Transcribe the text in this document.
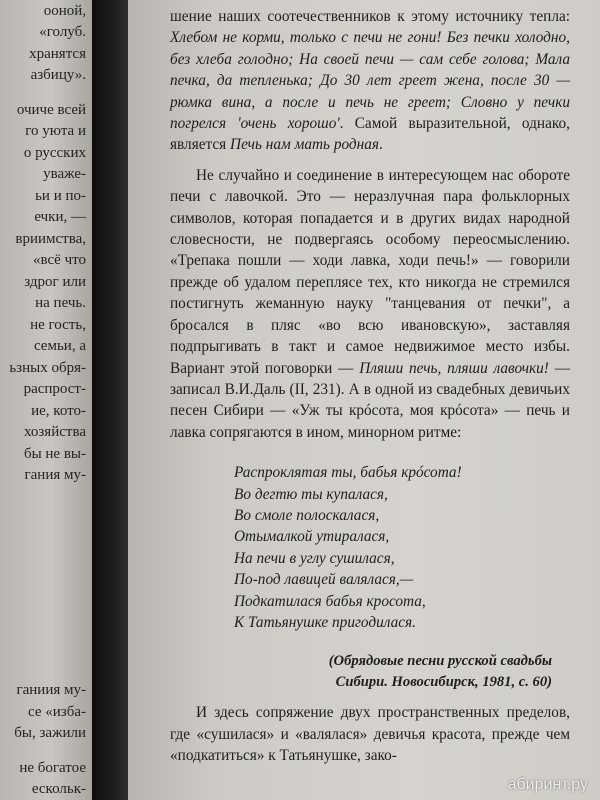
ооной,
«голуб.
хранятся
азбицу».
очиче всей
го уюта и
о русских
уваже-
ьи и по-
ечки, —
вриимства,
«всё что
здрог или
на печь.
не гость,
семьи, а
ьзных обря-
распрост-
ие, кото-
хозяйства
бы не вы-
гания му-
ганиия му-
се «изба-
бы, зажили
не богатое
ескольк-

шение наших соотечественников к этому источнику тепла: Хлебом не корми, только с печи не гони! Без печки холодно, без хлеба голодно; На своей печи — сам себе голова; Мала печка, да тепленька; До 30 лет греет жена, после 30 — рюмка вина, а после и печь не греет; Словно у печки погрелся 'очень хорошо'. Самой выразительной, однако, является Печь нам мать родная.

Не случайно и соединение в интересующем нас обороте печи с лавочкой. Это — неразлучная пара фольклорных символов, которая попадается и в других видах народной словесности, не подвергаясь особому переосмыслению. «Трепака пошли — ходи лавка, ходи печь!» — говорили прежде об удалом переплясе тех, кто никогда не стремился постигнуть жеманную науку "танцевания от печки", а бросался в пляс «во всю ивановскую», заставляя подпрыгивать в такт и самое недвижимое место избы. Вариант этой поговорки — Пляши печь, пляши лавочки! — записал В.И.Даль (II, 231). А в одной из свадебных девичьих песен Сибири — «Уж ты крóсота, моя крóсота» — печь и лавка сопрягаются в ином, минорном ритме:

Распроклятая ты, бабья крóсота!
Во дегтю ты купалася,
Во смоле полоскалася,
Отымалкой утиралася,
На печи в углу сушилася,
По-под лавицей валялася,—
Подкатилася бабья кросота,
К Татьянушке пригодилася.
(Обрядовые песни русской свадьбы
Сибири. Новосибирск, 1981, с. 60)

И здесь сопряжение двух пространственных пределов, где «сушилася» и «валялася» девичья красота, прежде чем «подкатиться» к Татьянушке, зако-

абиринт.ру
